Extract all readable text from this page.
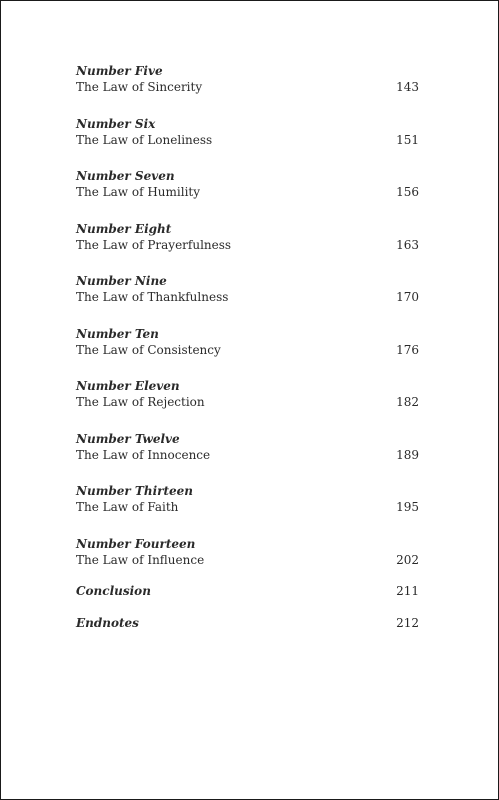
Number Five
The Law of Sincerity	143
Number Six
The Law of Loneliness	151
Number Seven
The Law of Humility	156
Number Eight
The Law of Prayerfulness	163
Number Nine
The Law of Thankfulness	170
Number Ten
The Law of Consistency	176
Number Eleven
The Law of Rejection	182
Number Twelve
The Law of Innocence	189
Number Thirteen
The Law of Faith	195
Number Fourteen
The Law of Influence	202
Conclusion	211
Endnotes	212
